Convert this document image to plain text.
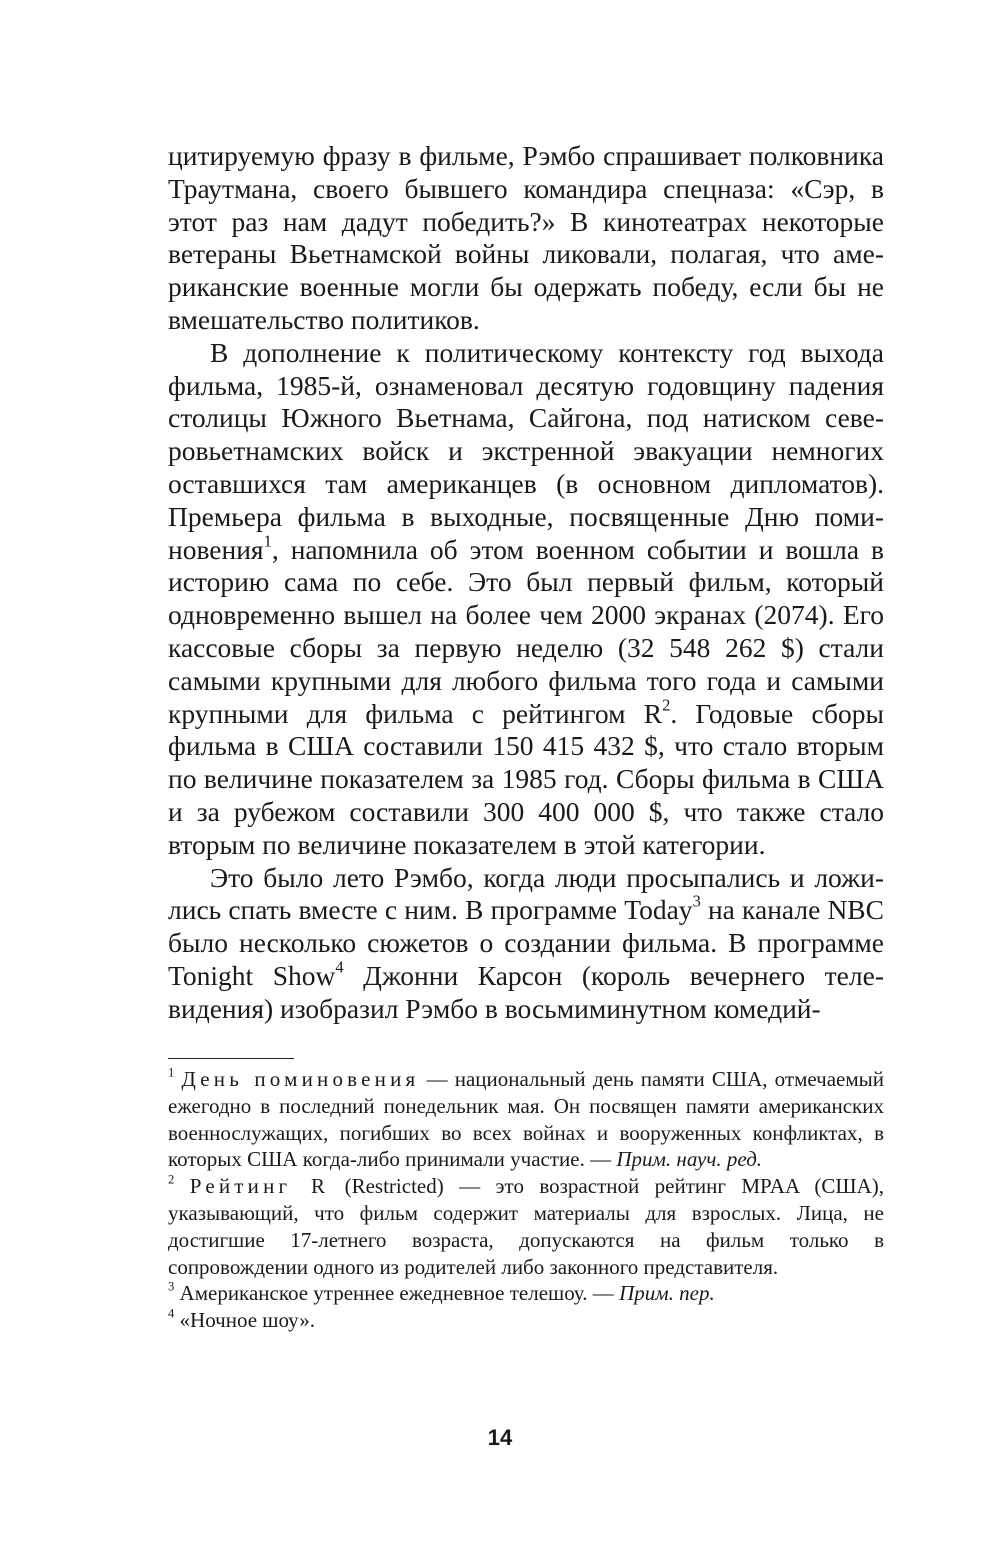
цитируемую фразу в фильме, Рэмбо спрашивает полковника Траутмана, своего бывшего командира спецназа: «Сэр, в этот раз нам дадут победить?» В кинотеатрах некоторые ветераны Вьетнамской войны ликовали, полагая, что американские военные могли бы одержать победу, если бы не вмешательство политиков.

В дополнение к политическому контексту год выхода фильма, 1985-й, ознаменовал десятую годовщину падения столицы Южного Вьетнама, Сайгона, под натиском северовьетнамских войск и экстренной эвакуации немногих оставшихся там американцев (в основном дипломатов). Премьера фильма в выходные, посвященные Дню поминовения$^1$, напомнила об этом военном событии и вошла в историю сама по себе. Это был первый фильм, который одновременно вышел на более чем 2000 экранах (2074). Его кассовые сборы за первую неделю (32 548 262 $) стали самыми крупными для любого фильма того года и самыми крупными для фильма с рейтингом $R^2$. Годовые сборы фильма в США составили 150 415 432 $, что стало вторым по величине показателем за 1985 год. Сборы фильма в США и за рубежом составили 300 400 000 $, что также стало вторым по величине показателем в этой категории.

Это было лето Рэмбо, когда люди просыпались и ложились спать вместе с ним. В программе Today$^3$ на канале NBC было несколько сюжетов о создании фильма. В программе Tonight Show$^4$ Джонни Карсон (король вечернего телевидения) изобразил Рэмбо в восьмиминутном комедий-

$^1$ День поминовения — национальный день памяти США, отмечаемый ежегодно в последний понедельник мая. Он посвящен памяти американских военнослужащих, погибших во всех войнах и вооруженных конфликтах, в которых США когда-либо принимали участие. — Прим. науч. ред.

$^2$ Рейтинг R (Restricted) — это возрастной рейтинг MPAA (США), указывающий, что фильм содержит материалы для взрослых. Лица, не достигшие 17-летнего возраста, допускаются на фильм только в сопровождении одного из родителей либо законного представителя.

$^3$ Американское утреннее ежедневное телешоу. — Прим. пер.

$^4$ «Ночное шоу».

14
